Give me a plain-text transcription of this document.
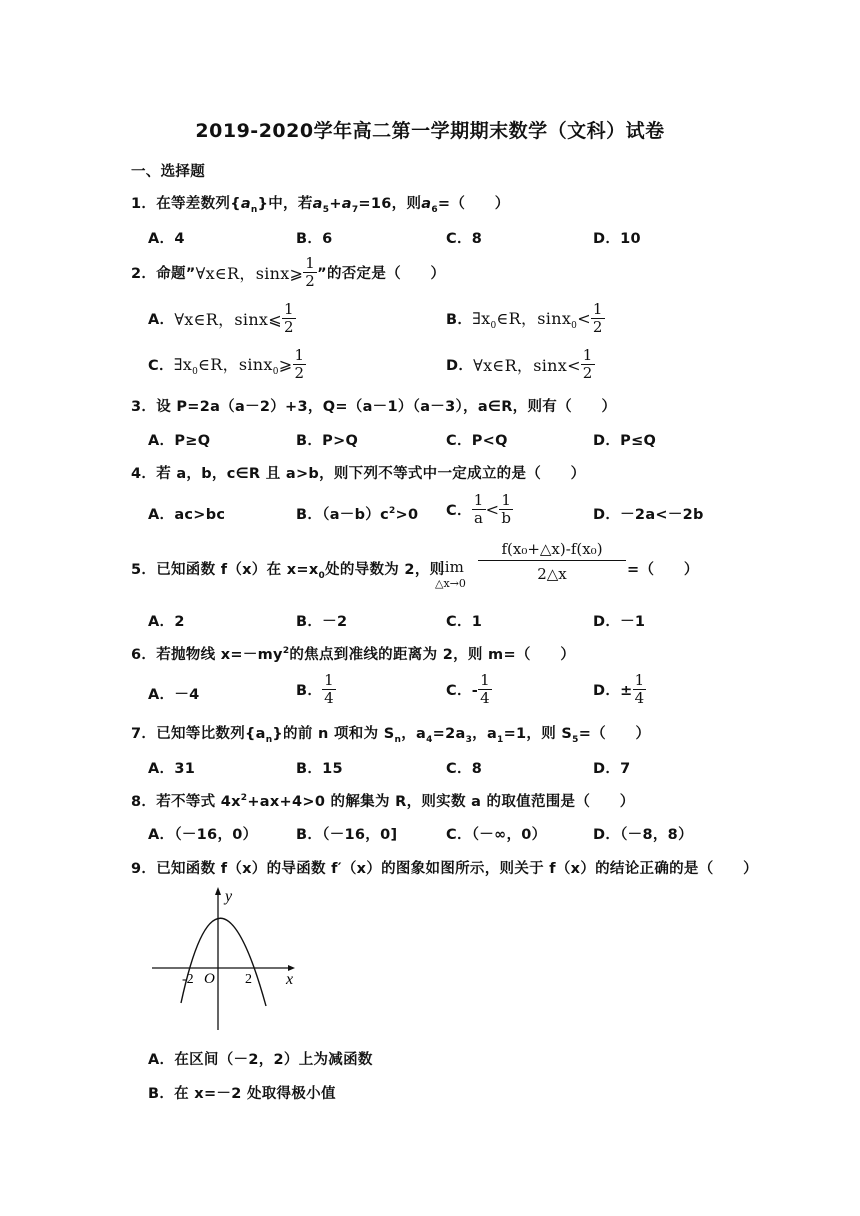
2019-2020学年高二第一学期期末数学（文科）试卷
一、选择题
1．在等差数列$\{a_n\}$中，若$a_5+a_7=16$，则$a_6=$（　　）
A．4	B．6	C．8	D．10
2．命题”∀x∈R，sinx⩾ $\frac{1}{2}$ ”的否定是（　　）
A．∀x∈R，sinx⩽ $\frac{1}{2}$	B．$\exists x_0\in R$，$\sin x_0< \frac{1}{2}$
C．$\exists x_0\in R$，sinx$_0$⩾ $\frac{1}{2}$	D．∀x∈R，$\sin x< \frac{1}{2}$
3．设 P=2a（a－2）+3，Q=（a－1）（a－3），a∈R，则有（　　）
A．P≥Q	B．P>Q	C．P<Q	D．P≤Q
4．若 a，b，c∈R 且 a>b，则下列不等式中一定成立的是（　　）
A．ac>bc	B．$(a-b)c^2>0$ C． $\frac{1}{a} < \frac{1}{b}$	D．－2a<－2b
5．已知函数 f（x）在 $x=x_0$处的导数为 2，则
lim
△x→0
f(x₀+△x)-f(x₀)
2△x	=（　　）
A．2	B．－2	C．1	D．－1
6．若抛物线 $x=-my^2$的焦点到准线的距离为 2，则 m=（　　）
A．－4	B． $\frac{1}{4}$	C．- $\frac{1}{4}$	D．± $\frac{1}{4}$
7．已知等比数列$\{a_n\}$的前 n 项和为 $S_n$，$a_4=2a_3$，$a_1=1$，则 $S_5=$（　　）
A．31	B．15	C．8	D．7
8．若不等式 $4x^2+ax+4>0$ 的解集为 R，则实数 a 的取值范围是（　　）
A．（－16，0）	B．（－16，0]	C．（－∞，0）	D．（－8，8）
9．已知函数 f（x）的导函数 f′（x）的图象如图所示，则关于 f（x）的结论正确的是（　　）
y
x
O
-2	2
A．在区间（－2，2）上为减函数
B．在 x=－2 处取得极小值
